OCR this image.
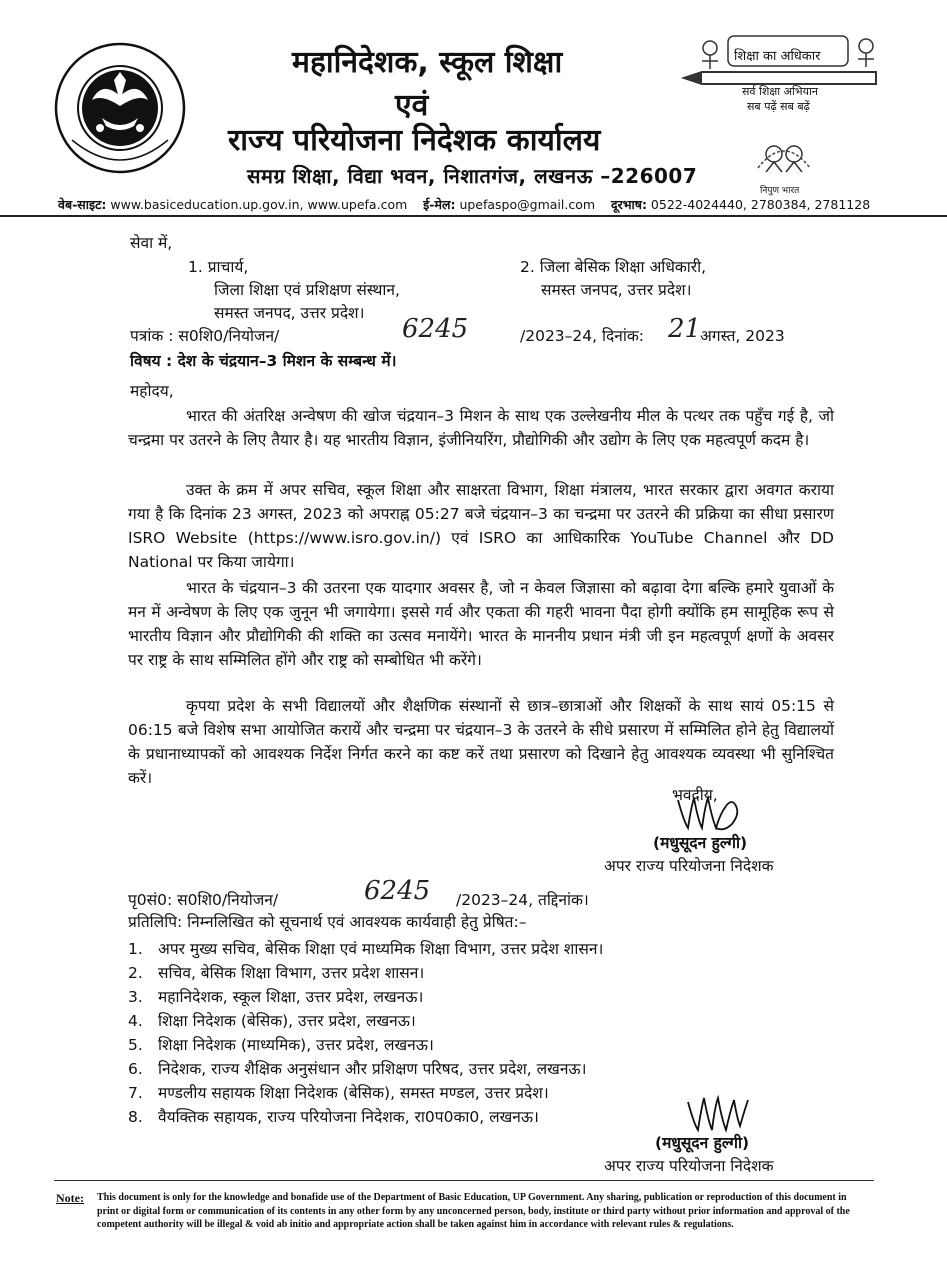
महानिदेशक, स्कूल शिक्षा
एवं
राज्य परियोजना निदेशक कार्यालय
समग्र शिक्षा, विद्या भवन, निशातगंज, लखनऊ –226007
शिक्षा का अधिकार
सर्व शिक्षा अभियान
सब पढ़ें सब बढ़ें
निपुण भारत
वेब-साइट: www.basiceducation.up.gov.in, www.upefa.com ई-मेल: upefaspo@gmail.com दूरभाष: 0522-4024440, 2780384, 2781128
सेवा में,
1. प्राचार्य,
जिला शिक्षा एवं प्रशिक्षण संस्थान,
समस्त जनपद, उत्तर प्रदेश।
2. जिला बेसिक शिक्षा अधिकारी,
समस्त जनपद, उत्तर प्रदेश।
पत्रांक : स0शि0/नियोजन/	6245	/2023–24, दिनांक: 21
अगस्त, 2023
विषय : देश के चंद्रयान–3 मिशन के सम्बन्ध में।
महोदय,
भारत की अंतरिक्ष अन्वेषण की खोज चंद्रयान–3 मिशन के साथ एक उल्लेखनीय मील के पत्थर तक पहुँच गई है, जो चन्द्रमा पर उतरने के लिए तैयार है। यह भारतीय विज्ञान, इंजीनियरिंग, प्रौद्योगिकी और उद्योग के लिए एक महत्वपूर्ण कदम है।
उक्त के क्रम में अपर सचिव, स्कूल शिक्षा और साक्षरता विभाग, शिक्षा मंत्रालय, भारत सरकार द्वारा अवगत कराया गया है कि दिनांक 23 अगस्त, 2023 को अपराह्न 05:27 बजे चंद्रयान–3 का चन्द्रमा पर उतरने की प्रक्रिया का सीधा प्रसारण ISRO Website (https://www.isro.gov.in/) एवं ISRO का आधिकारिक YouTube Channel और DD National पर किया जायेगा।
भारत के चंद्रयान–3 की उतरना एक यादगार अवसर है, जो न केवल जिज्ञासा को बढ़ावा देगा बल्कि हमारे युवाओं के मन में अन्वेषण के लिए एक जुनून भी जगायेगा। इससे गर्व और एकता की गहरी भावना पैदा होगी क्योंकि हम सामूहिक रूप से भारतीय विज्ञान और प्रौद्योगिकी की शक्ति का उत्सव मनायेंगे। भारत के माननीय प्रधान मंत्री जी इन महत्वपूर्ण क्षणों के अवसर पर राष्ट्र के साथ सम्मिलित होंगे और राष्ट्र को सम्बोधित भी करेंगे।
कृपया प्रदेश के सभी विद्यालयों और शैक्षणिक संस्थानों से छात्र–छात्राओं और शिक्षकों के साथ सायं 05:15 से 06:15 बजे विशेष सभा आयोजित करायें और चन्द्रमा पर चंद्रयान–3 के उतरने के सीधे प्रसारण में सम्मिलित होने हेतु विद्यालयों के प्रधानाध्यापकों को आवश्यक निर्देश निर्गत करने का कष्ट करें तथा प्रसारण को दिखाने हेतु आवश्यक व्यवस्था भी सुनिश्चित करें।
भवदीय,
(मधुसूदन हुल्गी)
अपर राज्य परियोजना निदेशक
पृ0सं0: स0शि0/नियोजन/	6245 /2023–24, तद्दिनांक।
प्रतिलिपि: निम्नलिखित को सूचनार्थ एवं आवश्यक कार्यवाही हेतु प्रेषित:–
1. अपर मुख्य सचिव, बेसिक शिक्षा एवं माध्यमिक शिक्षा विभाग, उत्तर प्रदेश शासन।
2. सचिव, बेसिक शिक्षा विभाग, उत्तर प्रदेश शासन।
3. महानिदेशक, स्कूल शिक्षा, उत्तर प्रदेश, लखनऊ।
4. शिक्षा निदेशक (बेसिक), उत्तर प्रदेश, लखनऊ।
5. शिक्षा निदेशक (माध्यमिक), उत्तर प्रदेश, लखनऊ।
6. निदेशक, राज्य शैक्षिक अनुसंधान और प्रशिक्षण परिषद, उत्तर प्रदेश, लखनऊ।
7. मण्डलीय सहायक शिक्षा निदेशक (बेसिक), समस्त मण्डल, उत्तर प्रदेश।
8. वैयक्तिक सहायक, राज्य परियोजना निदेशक, रा0प0का0, लखनऊ।
(मधुसूदन हुल्गी)
अपर राज्य परियोजना निदेशक
Note: This document is only for the knowledge and bonafide use of the Department of Basic Education, UP Government. Any sharing, publication or reproduction of this document in print or digital form or communication of its contents in any other form by any unconcerned person, body, institute or third party without prior information and approval of the competent authority will be illegal & void ab initio and appropriate action shall be taken against him in accordance with relevant rules & regulations.
